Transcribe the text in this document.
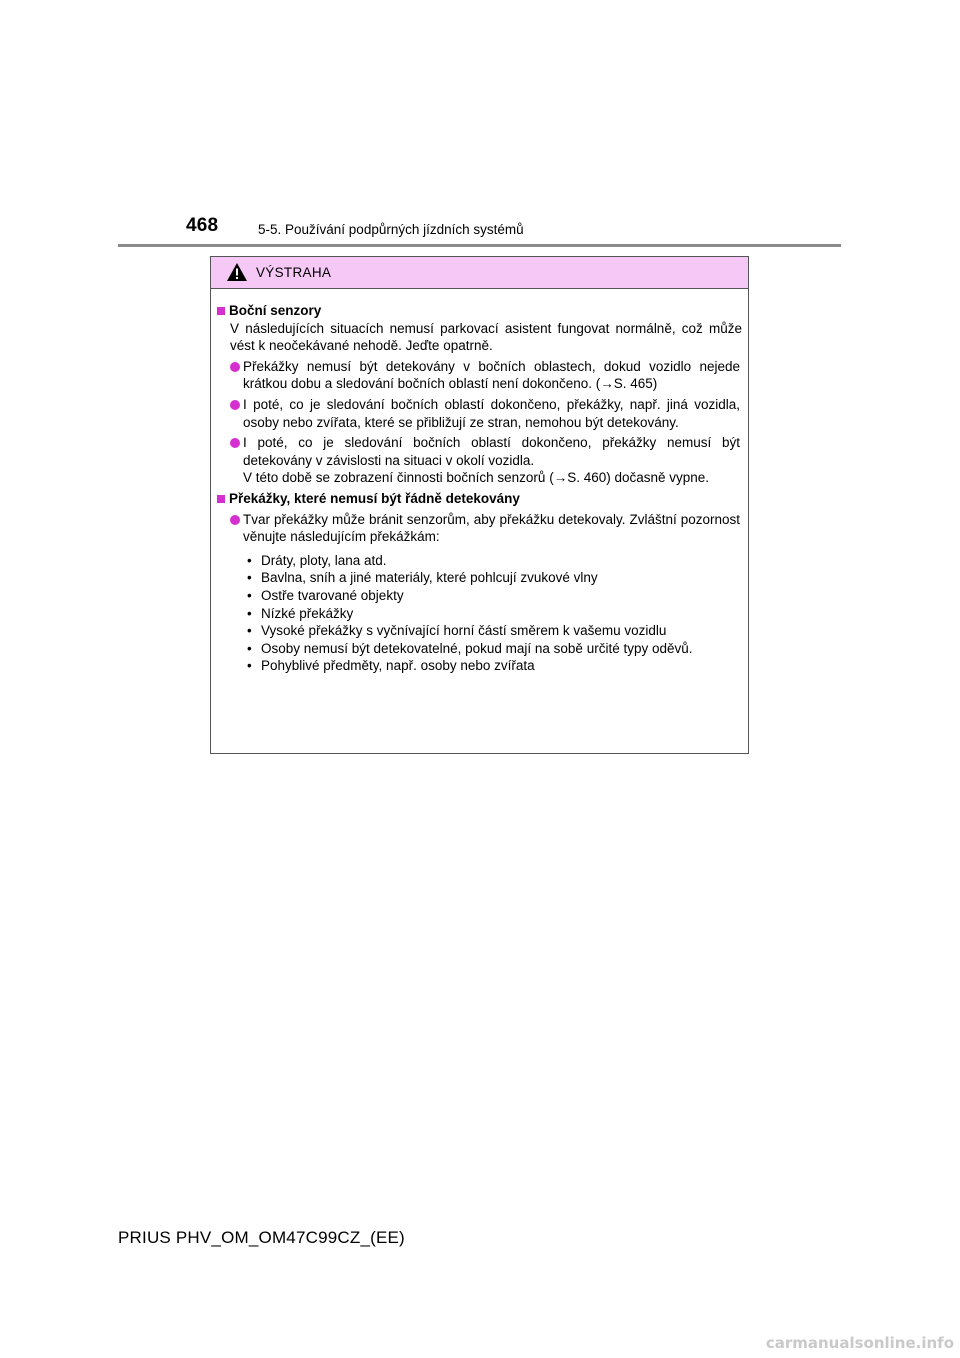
468	5-5. Používání podpůrných jízdních systémů
VÝSTRAHA
Boční senzory
V následujících situacích nemusí parkovací asistent fungovat normálně, což může vést k neočekávané nehodě. Jeďte opatrně.
Překážky nemusí být detekovány v bočních oblastech, dokud vozidlo nejede krátkou dobu a sledování bočních oblastí není dokončeno. (→S. 465)
I poté, co je sledování bočních oblastí dokončeno, překážky, např. jiná vozidla, osoby nebo zvířata, které se přibližují ze stran, nemohou být detekovány.
I poté, co je sledování bočních oblastí dokončeno, překážky nemusí být detekovány v závislosti na situaci v okolí vozidla.
V této době se zobrazení činnosti bočních senzorů (→S. 460) dočasně vypne.
Překážky, které nemusí být řádně detekovány
Tvar překážky může bránit senzorům, aby překážku detekovaly. Zvláštní pozornost věnujte následujícím překážkám:
• Dráty, ploty, lana atd.
• Bavlna, sníh a jiné materiály, které pohlcují zvukové vlny
• Ostře tvarované objekty
• Nízké překážky
• Vysoké překážky s vyčnívající horní částí směrem k vašemu vozidlu
• Osoby nemusí být detekovatelné, pokud mají na sobě určité typy oděvů.
• Pohyblivé předměty, např. osoby nebo zvířata
PRIUS PHV_OM_OM47C99CZ_(EE)
carmanualsonline.info
